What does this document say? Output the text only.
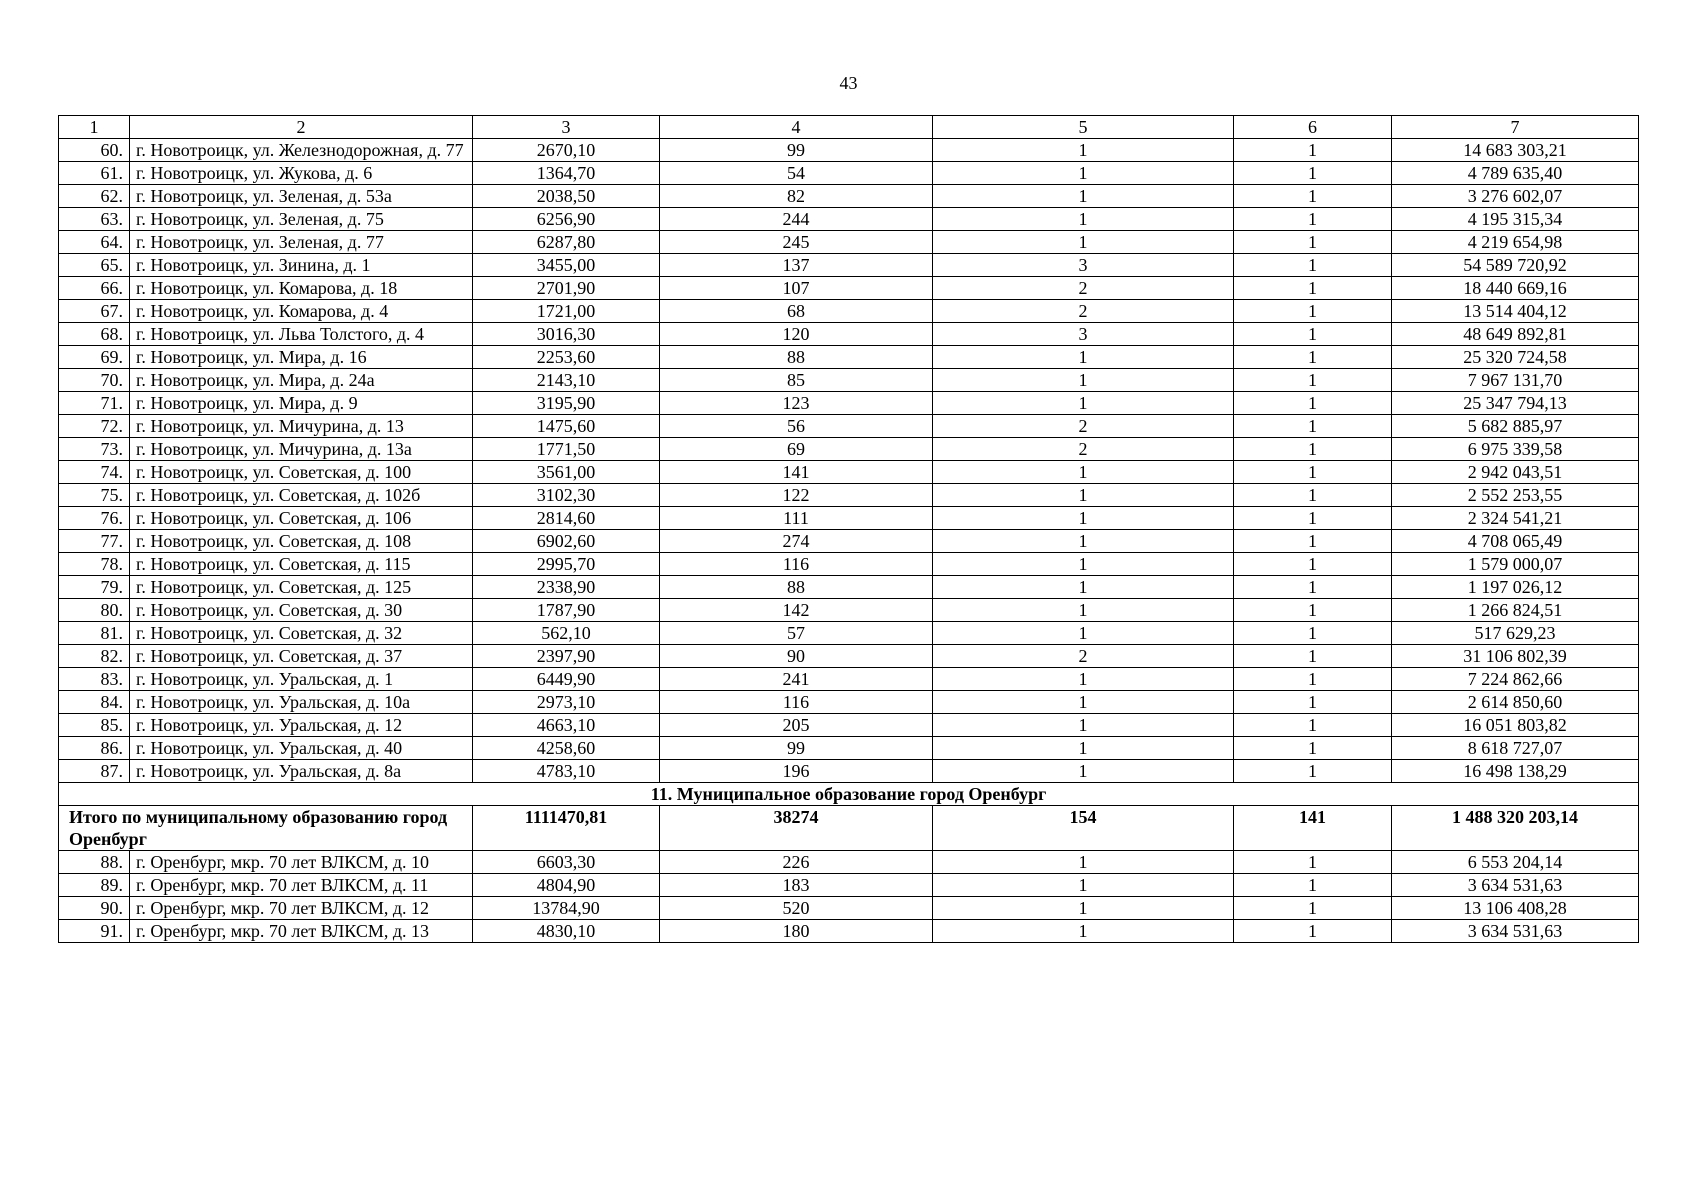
43
1	2	3	4	5	6	7
60.	г. Новотроицк, ул. Железнодорожная, д. 77	2670,10	99	1	1	14 683 303,21
61.	г. Новотроицк, ул. Жукова, д. 6	1364,70	54	1	1	4 789 635,40
62.	г. Новотроицк, ул. Зеленая, д. 53а	2038,50	82	1	1	3 276 602,07
63.	г. Новотроицк, ул. Зеленая, д. 75	6256,90	244	1	1	4 195 315,34
64.	г. Новотроицк, ул. Зеленая, д. 77	6287,80	245	1	1	4 219 654,98
65.	г. Новотроицк, ул. Зинина, д. 1	3455,00	137	3	1	54 589 720,92
66.	г. Новотроицк, ул. Комарова, д. 18	2701,90	107	2	1	18 440 669,16
67.	г. Новотроицк, ул. Комарова, д. 4	1721,00	68	2	1	13 514 404,12
68.	г. Новотроицк, ул. Льва Толстого, д. 4	3016,30	120	3	1	48 649 892,81
69.	г. Новотроицк, ул. Мира, д. 16	2253,60	88	1	1	25 320 724,58
70.	г. Новотроицк, ул. Мира, д. 24а	2143,10	85	1	1	7 967 131,70
71.	г. Новотроицк, ул. Мира, д. 9	3195,90	123	1	1	25 347 794,13
72.	г. Новотроицк, ул. Мичурина, д. 13	1475,60	56	2	1	5 682 885,97
73.	г. Новотроицк, ул. Мичурина, д. 13а	1771,50	69	2	1	6 975 339,58
74.	г. Новотроицк, ул. Советская, д. 100	3561,00	141	1	1	2 942 043,51
75.	г. Новотроицк, ул. Советская, д. 102б	3102,30	122	1	1	2 552 253,55
76.	г. Новотроицк, ул. Советская, д. 106	2814,60	111	1	1	2 324 541,21
77.	г. Новотроицк, ул. Советская, д. 108	6902,60	274	1	1	4 708 065,49
78.	г. Новотроицк, ул. Советская, д. 115	2995,70	116	1	1	1 579 000,07
79.	г. Новотроицк, ул. Советская, д. 125	2338,90	88	1	1	1 197 026,12
80.	г. Новотроицк, ул. Советская, д. 30	1787,90	142	1	1	1 266 824,51
81.	г. Новотроицк, ул. Советская, д. 32	562,10	57	1	1	517 629,23
82.	г. Новотроицк, ул. Советская, д. 37	2397,90	90	2	1	31 106 802,39
83.	г. Новотроицк, ул. Уральская, д. 1	6449,90	241	1	1	7 224 862,66
84.	г. Новотроицк, ул. Уральская, д. 10а	2973,10	116	1	1	2 614 850,60
85.	г. Новотроицк, ул. Уральская, д. 12	4663,10	205	1	1	16 051 803,82
86.	г. Новотроицк, ул. Уральская, д. 40	4258,60	99	1	1	8 618 727,07
87.	г. Новотроицк, ул. Уральская, д. 8а	4783,10	196	1	1	16 498 138,29
11. Муниципальное образование город Оренбург						
Итого по муниципальному образованию город Оренбург		1111470,81	38274	154	141	1 488 320 203,14
88.	г. Оренбург, мкр. 70 лет ВЛКСМ, д. 10	6603,30	226	1	1	6 553 204,14
89.	г. Оренбург, мкр. 70 лет ВЛКСМ, д. 11	4804,90	183	1	1	3 634 531,63
90.	г. Оренбург, мкр. 70 лет ВЛКСМ, д. 12	13784,90	520	1	1	13 106 408,28
91.	г. Оренбург, мкр. 70 лет ВЛКСМ, д. 13	4830,10	180	1	1	3 634 531,63
